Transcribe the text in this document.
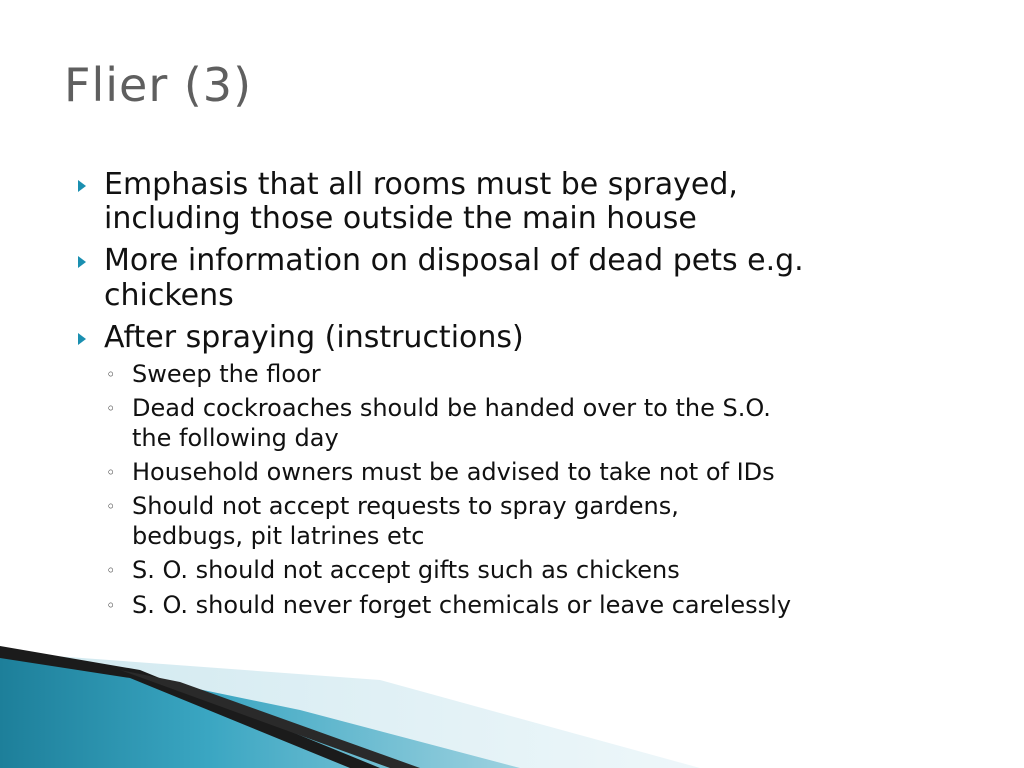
Flier (3)
Emphasis that all rooms must be sprayed,
including those outside the main house
More information on disposal of dead pets e.g.
chickens
After spraying (instructions)
◦ Sweep the floor
◦ Dead cockroaches should be handed over to the S.O.
the following day
◦ Household owners must be advised to take not of IDs
◦ Should not accept requests to spray gardens,
bedbugs, pit latrines etc
◦ S. O. should not accept gifts such as chickens
◦ S. O. should never forget chemicals or leave carelessly
